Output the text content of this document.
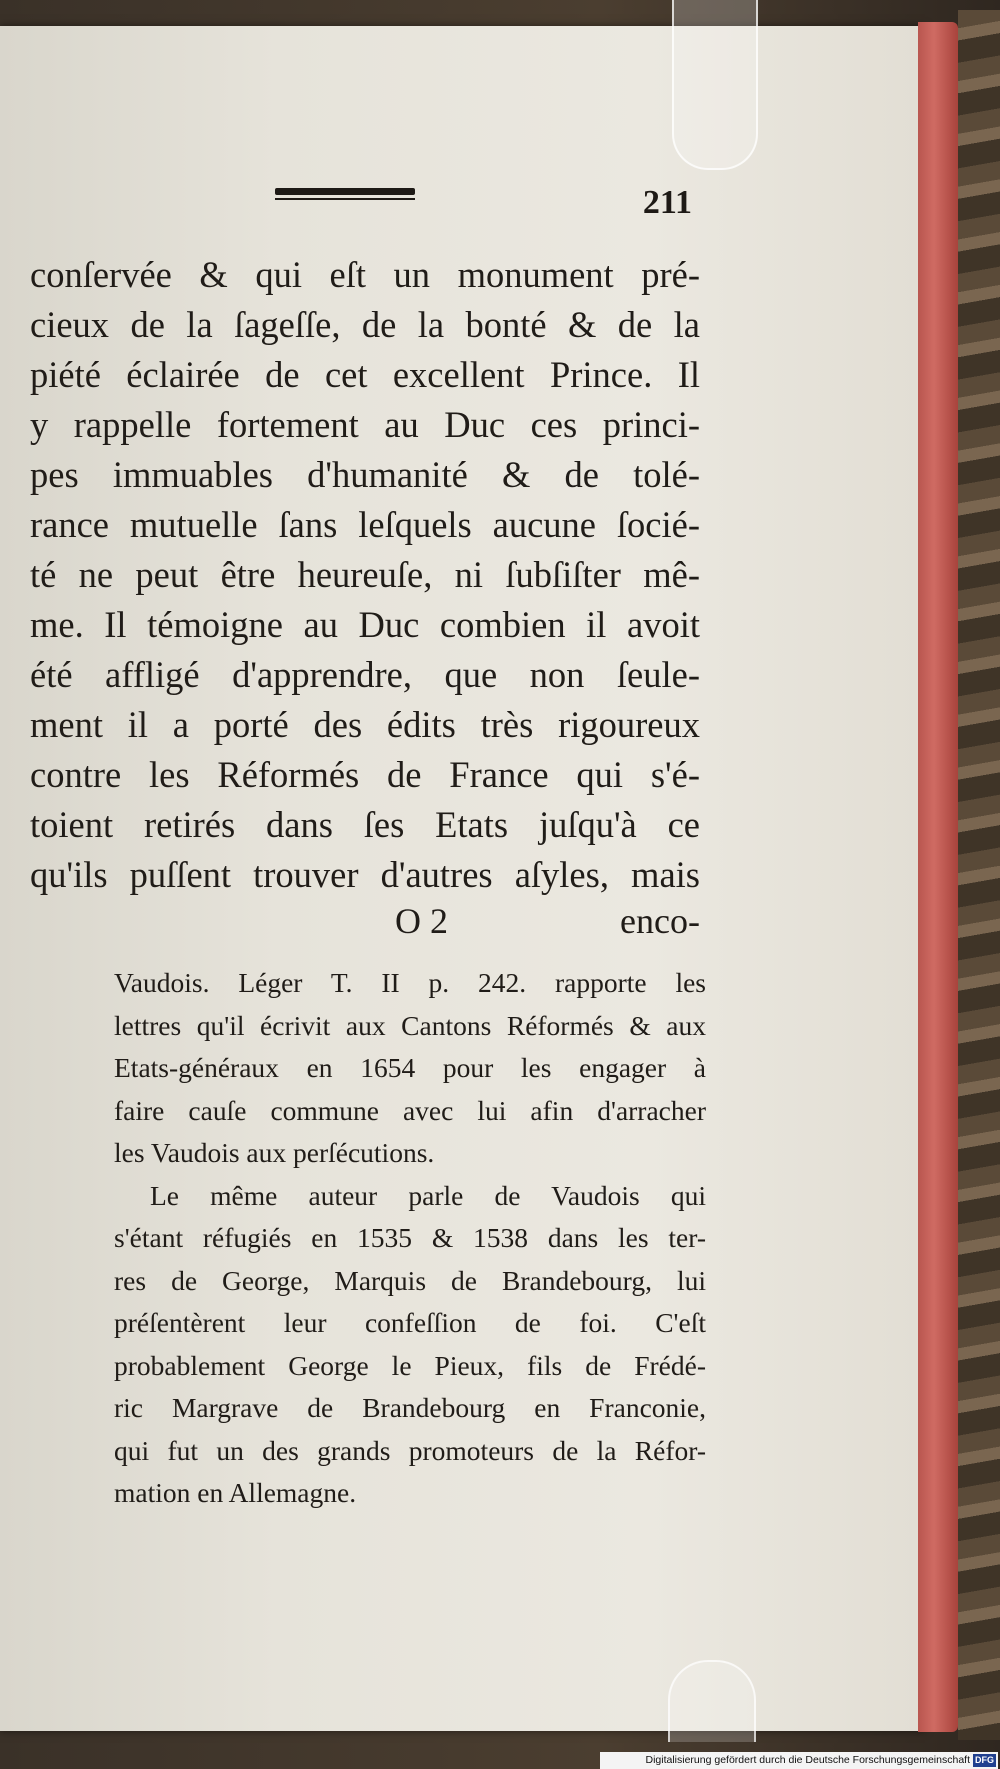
211
conſervée & qui eſt un monument pré-
cieux de la ſageſſe, de la bonté & de la
piété éclairée de cet excellent Prince. Il
y rappelle fortement au Duc ces princi-
pes immuables d'humanité & de tolé-
rance mutuelle ſans leſquels aucune ſocié-
té ne peut être heureuſe, ni ſubſiſter mê-
me. Il témoigne au Duc combien il avoit
été affligé d'apprendre, que non ſeule-
ment il a porté des édits très rigoureux
contre les Réformés de France qui s'é-
toient retirés dans ſes Etats juſqu'à ce
qu'ils puſſent trouver d'autres aſyles, mais
O 2	enco-
Vaudois. Léger T. II p. 242. rapporte les
lettres qu'il écrivit aux Cantons Réformés & aux
Etats-généraux en 1654 pour les engager à
faire cauſe commune avec lui afin d'arracher
les Vaudois aux perſécutions.
Le même auteur parle de Vaudois qui
s'étant réfugiés en 1535 & 1538 dans les ter-
res de George, Marquis de Brandebourg, lui
préſentèrent leur confeſſion de foi. C'eſt
probablement George le Pieux, fils de Frédé-
ric Margrave de Brandebourg en Franconie,
qui fut un des grands promoteurs de la Réfor-
mation en Allemagne.
Digitalisierung gefördert durch die Deutsche Forschungsgemeinschaft DFG
